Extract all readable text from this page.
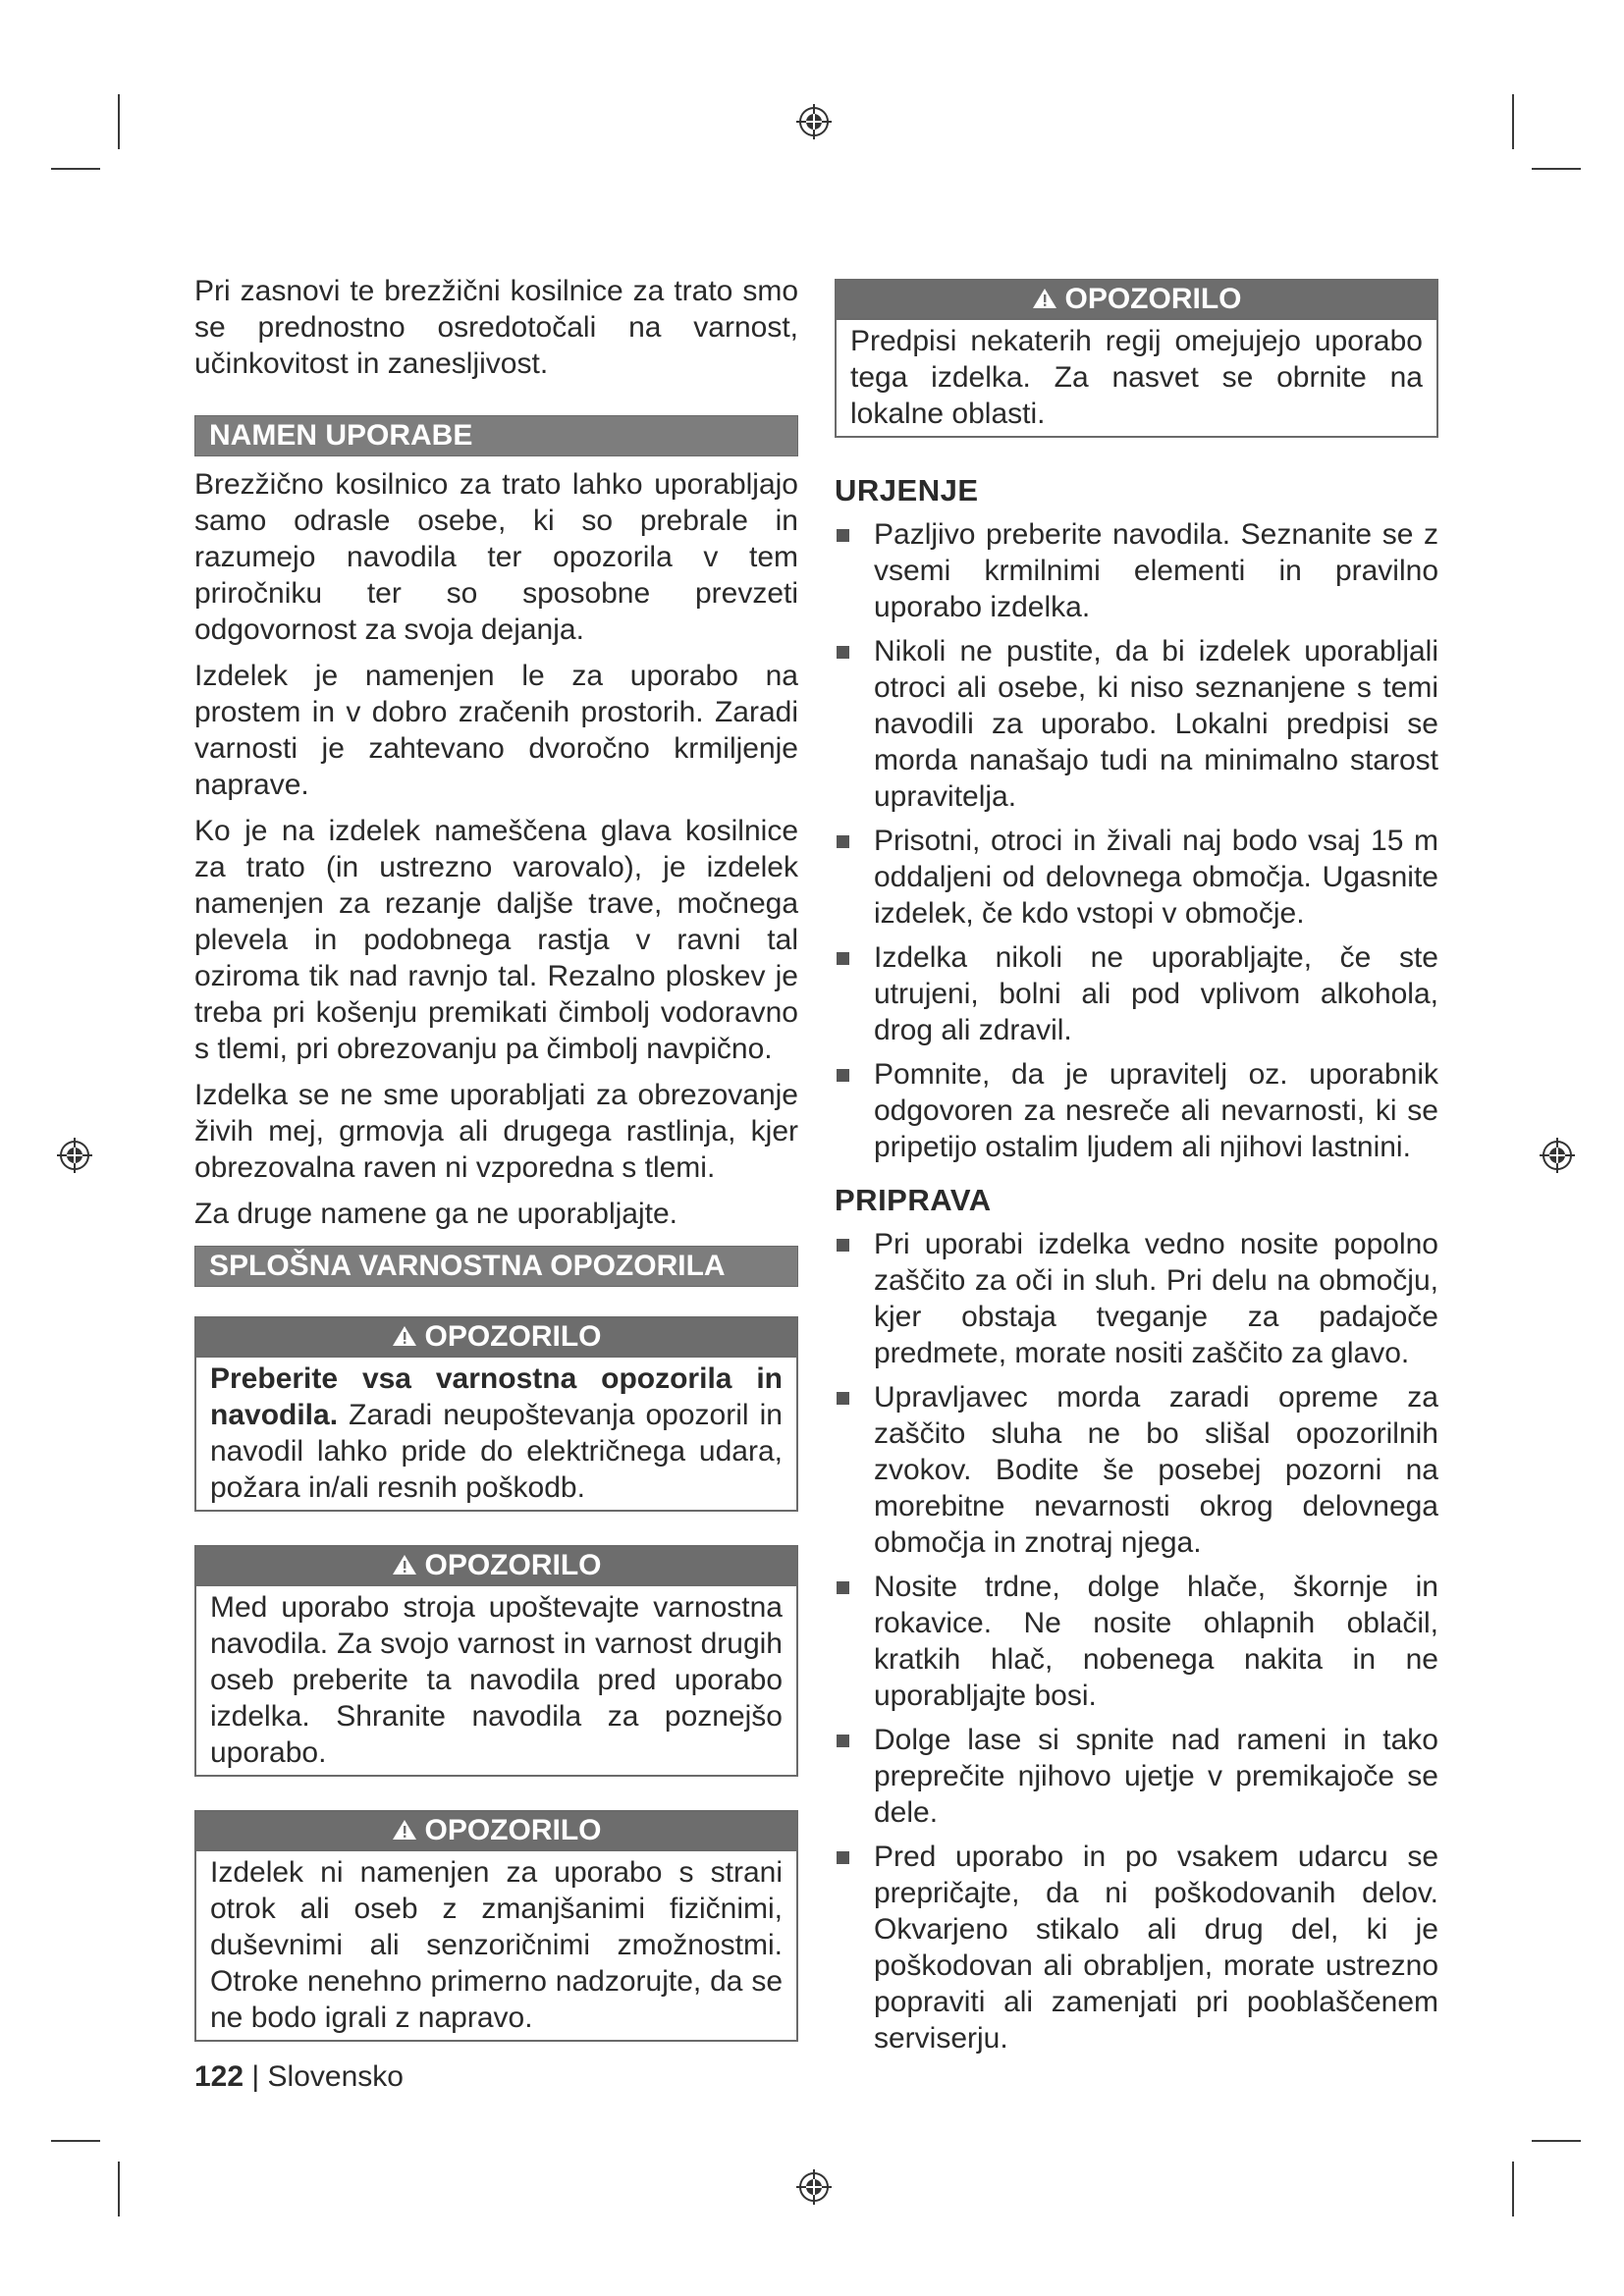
Pri zasnovi te brezžični kosilnice za trato smo se prednostno osredotočali na varnost, učinkovitost in zanesljivost.

NAMEN UPORABE

Brezžično kosilnico za trato lahko uporabljajo samo odrasle osebe, ki so prebrale in razumejo navodila ter opozorila v tem priročniku ter so sposobne prevzeti odgovornost za svoja dejanja.

Izdelek je namenjen le za uporabo na prostem in v dobro zračenih prostorih. Zaradi varnosti je zahtevano dvoročno krmiljenje naprave.

Ko je na izdelek nameščena glava kosilnice za trato (in ustrezno varovalo), je izdelek namenjen za rezanje daljše trave, močnega plevela in podobnega rastja v ravni tal oziroma tik nad ravnjo tal. Rezalno ploskev je treba pri košenju premikati čimbolj vodoravno s tlemi, pri obrezovanju pa čimbolj navpično.

Izdelka se ne sme uporabljati za obrezovanje živih mej, grmovja ali drugega rastlinja, kjer obrezovalna raven ni vzporedna s tlemi.

Za druge namene ga ne uporabljajte.

SPLOŠNA VARNOSTNA OPOZORILA
OPOZORILO
Preberite vsa varnostna opozorila in navodila. Zaradi neupoštevanja opozoril in navodil lahko pride do električnega udara, požara in/ali resnih poškodb.
OPOZORILO
Med uporabo stroja upoštevajte varnostna navodila. Za svojo varnost in varnost drugih oseb preberite ta navodila pred uporabo izdelka. Shranite navodila za poznejšo uporabo.
OPOZORILO
Izdelek ni namenjen za uporabo s strani otrok ali oseb z zmanjšanimi fizičnimi, duševnimi ali senzoričnimi zmožnostmi. Otroke nenehno primerno nadzorujte, da se ne bodo igrali z napravo.
OPOZORILO
Predpisi nekaterih regij omejujejo uporabo tega izdelka. Za nasvet se obrnite na lokalne oblasti.
URJENJE
Pazljivo preberite navodila. Seznanite se z vsemi krmilnimi elementi in pravilno uporabo izdelka.
Nikoli ne pustite, da bi izdelek uporabljali otroci ali osebe, ki niso seznanjene s temi navodili za uporabo. Lokalni predpisi se morda nanašajo tudi na minimalno starost upravitelja.
Prisotni, otroci in živali naj bodo vsaj 15 m oddaljeni od delovnega območja. Ugasnite izdelek, če kdo vstopi v območje.
Izdelka nikoli ne uporabljajte, če ste utrujeni, bolni ali pod vplivom alkohola, drog ali zdravil.
Pomnite, da je upravitelj oz. uporabnik odgovoren za nesreče ali nevarnosti, ki se pripetijo ostalim ljudem ali njihovi lastnini.
PRIPRAVA
Pri uporabi izdelka vedno nosite popolno zaščito za oči in sluh. Pri delu na območju, kjer obstaja tveganje za padajoče predmete, morate nositi zaščito za glavo.
Upravljavec morda zaradi opreme za zaščito sluha ne bo slišal opozorilnih zvokov. Bodite še posebej pozorni na morebitne nevarnosti okrog delovnega območja in znotraj njega.
Nosite trdne, dolge hlače, škornje in rokavice. Ne nosite ohlapnih oblačil, kratkih hlač, nobenega nakita in ne uporabljajte bosi.
Dolge lase si spnite nad rameni in tako preprečite njihovo ujetje v premikajoče se dele.
Pred uporabo in po vsakem udarcu se prepričajte, da ni poškodovanih delov. Okvarjeno stikalo ali drug del, ki je poškodovan ali obrabljen, morate ustrezno popraviti ali zamenjati pri pooblaščenem serviserju.
122 | Slovensko
